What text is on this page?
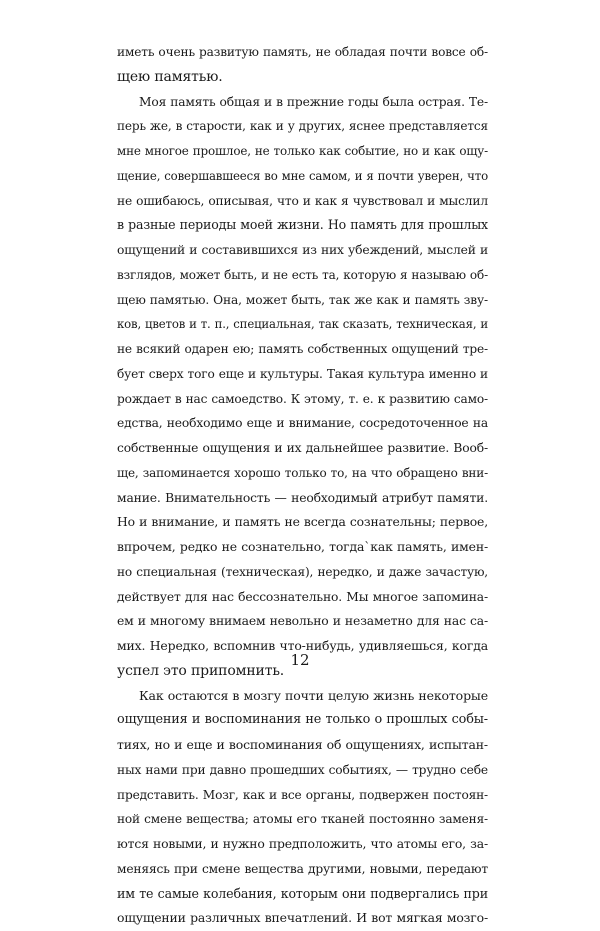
иметь очень развитую память, не обладая почти вовсе об-
щею памятью.
Моя память общая и в прежние годы была острая. Те-
перь же, в старости, как и у других, яснее представляется
мне многое прошлое, не только как событие, но и как ощу-
щение, совершавшееся во мне самом, и я почти уверен, что
не ошибаюсь, описывая, что и как я чувствовал и мыслил
в разные периоды моей жизни. Но память для прошлых
ощущений и составившихся из них убеждений, мыслей и
взглядов, может быть, и не есть та, которую я называю об-
щею памятью. Она, может быть, так же как и память зву-
ков, цветов и т. п., специальная, так сказать, техническая, и
не всякий одарен ею; память собственных ощущений тре-
бует сверх того еще и культуры. Такая культура именно и
рождает в нас самоедство. К этому, т. е. к развитию само-
едства, необходимо еще и внимание, сосредоточенное на
собственные ощущения и их дальнейшее развитие. Вооб-
ще, запоминается хорошо только то, на что обращено вни-
мание. Внимательность — необходимый атрибут памяти.
Но и внимание, и память не всегда сознательны; первое,
впрочем, редко не сознательно, тогда`как память, имен-
но специальная (техническая), нередко, и даже зачастую,
действует для нас бессознательно. Мы многое запомина-
ем и многому внимаем невольно и незаметно для нас са-
мих. Нередко, вспомнив что-нибудь, удивляешься, когда
успел это припомнить.
Как остаются в мозгу почти целую жизнь некоторые
ощущения и воспоминания не только о прошлых собы-
тиях, но и еще и воспоминания об ощущениях, испытан-
ных нами при давно прошедших событиях, — трудно себе
представить. Мозг, как и все органы, подвержен постоян-
ной смене вещества; атомы его тканей постоянно заменя-
ются новыми, и нужно предположить, что атомы его, за-
меняясь при смене вещества другими, новыми, передают
им те самые колебания, которым они подвергались при
ощущении различных впечатлений. И вот мягкая мозго-
12
